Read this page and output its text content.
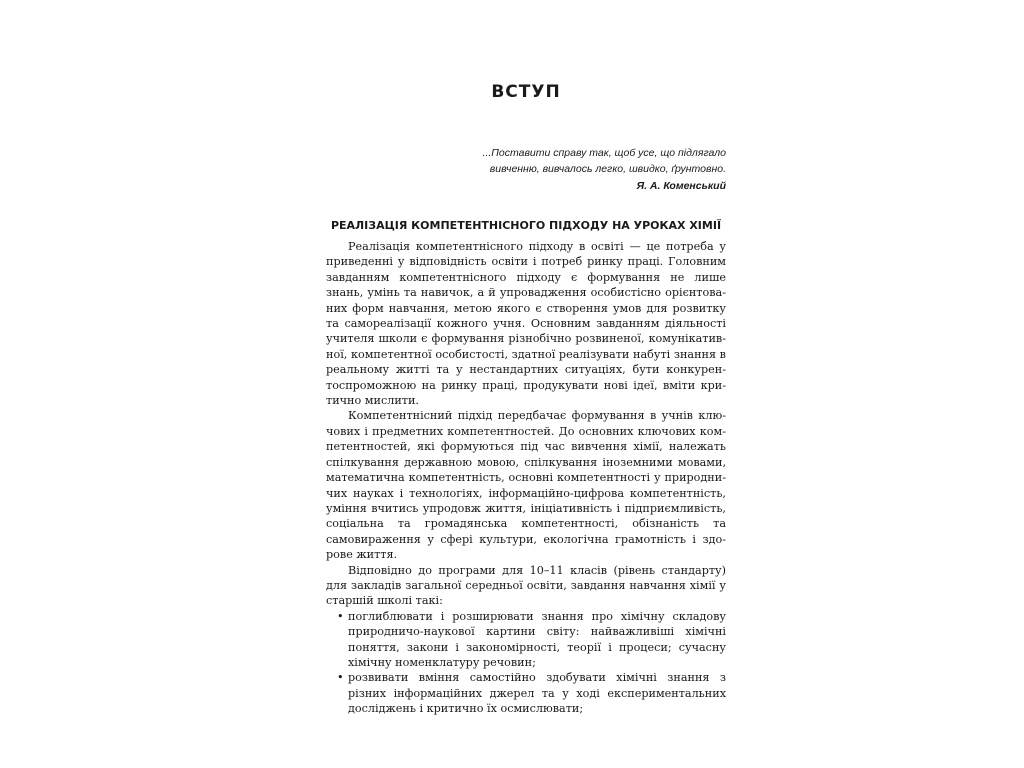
ВСТУП

...Поставити справу так, щоб усе, що підлягало вивченню, вивчалось легко, швидко, ґрунтовно.

Я. А. Коменський

РЕАЛІЗАЦІЯ КОМПЕТЕНТНІСНОГО ПІДХОДУ НА УРОКАХ ХІМІЇ

Реалізація компетентнісного підходу в освіті — це потреба у приведенні у відповідність освіти і потреб ринку праці. Головним завданням компетентнісного підходу є формування не лише знань, умінь та навичок, а й упровадження особистісно орієнтованих форм навчання, метою якого є створення умов для розвитку та самореалізації кожного учня. Основним завданням діяльності учителя школи є формування різнобічно розвиненої, комунікативної, компетентної особистості, здатної реалізувати набуті знання в реальному житті та у нестандартних ситуаціях, бути конкурентоспроможною на ринку праці, продукувати нові ідеї, вміти критично мислити.

Компетентнісний підхід передбачає формування в учнів ключових і предметних компетентностей. До основних ключових компетентностей, які формуються під час вивчення хімії, належать спілкування державною мовою, спілкування іноземними мовами, математична компетентність, основні компетентності у природничих науках і технологіях, інформаційно-цифрова компетентність, уміння вчитись упродовж життя, ініціативність і підприємливість, соціальна та громадянська компетентності, обізнаність та самовираження у сфері культури, екологічна грамотність і здорове життя.

Відповідно до програми для 10–11 класів (рівень стандарту) для закладів загальної середньої освіти, завдання навчання хімії у старшій школі такі:

• поглиблювати і розширювати знання про хімічну складову природничо-наукової картини світу: найважливіші хімічні поняття, закони і закономірності, теорії і процеси; сучасну хімічну номенклатуру речовин;
• розвивати вміння самостійно здобувати хімічні знання з різних інформаційних джерел та у ході експериментальних досліджень і критично їх осмислювати;
